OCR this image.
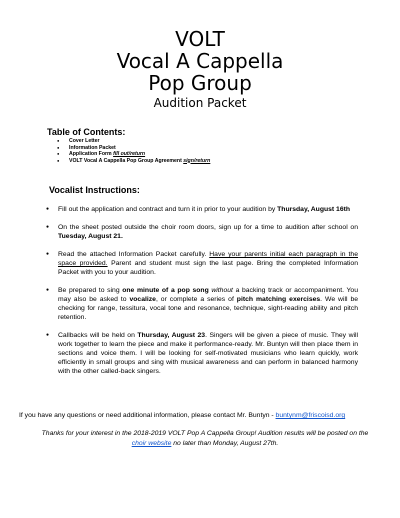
VOLT
Vocal A Cappella
Pop Group
Audition Packet
Table of Contents:
● Cover Letter
● Information Packet
● Application Form fill out/return
● VOLT Vocal A Cappella Pop Group Agreement sign/return
Vocalist Instructions:
● Fill out the application and contract and turn it in prior to your audition by Thursday, August 16th
● On the sheet posted outside the choir room doors, sign up for a time to audition after school on Tuesday, August 21.
● Read the attached Information Packet carefully. Have your parents initial each paragraph in the space provided. Parent and student must sign the last page. Bring the completed Information Packet with you to your audition.
● Be prepared to sing one minute of a pop song without a backing track or accompaniment. You may also be asked to vocalize, or complete a series of pitch matching exercises. We will be checking for range, tessitura, vocal tone and resonance, technique, sight-reading ability and pitch retention.
● Callbacks will be held on Thursday, August 23. Singers will be given a piece of music. They will work together to learn the piece and make it performance-ready. Mr. Buntyn will then place them in sections and voice them. I will be looking for self-motivated musicians who learn quickly, work efficiently in small groups and sing with musical awareness and can perform in balanced harmony with the other called-back singers.
If you have any questions or need additional information, please contact Mr. Buntyn - buntynm@friscoisd.org
Thanks for your interest in the 2018-2019 VOLT Pop A Cappella Group! Audition results will be posted on the choir website no later than Monday, August 27th.
